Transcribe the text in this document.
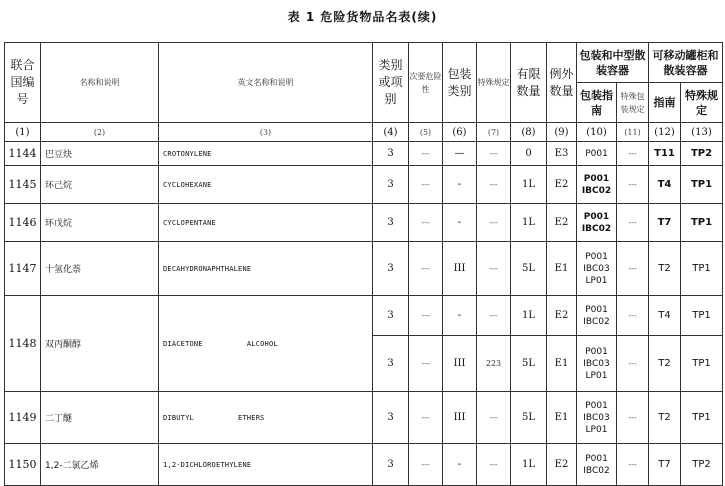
表 1 危险货物品名表(续)
联合国编号	名称和说明	英文名称和说明	类别或项别	次要危险性	包装类别	特殊规定	有限数量	例外数量	包装和中型散装容器		可移动罐柜和散装容器	
									包装指南	特殊包装规定	指南	特殊规定
(1)	(2)	(3)	(4)	(5)	(6)	(7)	(8)	(9)	(10)	(11)	(12)	(13)
1144	巴豆炔	CROTONYLENE	3	---	—	---	0	E3	P001	---	T11	TP2
1145	环己烷	CYCLOHEXANE	3	---	-	---	1L	E2	P001
IBC02	---	T4	TP1
1146	环戊烷	CYCLOPENTANE	3	---	-	---	1L	E2	P001
IBC02	---	T7	TP1
1147	十氢化萘	DECAHYDRONAPHTHALENE	3	---	III	---	5L	E1	P001
IBC03
LP01	---	T2	TP1
1148	双丙酮醇	DIACETONE          ALCOHOL	3	---	-	---	1L	E2	P001
IBC02	---	T4	TP1
			3	---	III	223	5L	E1	P001
IBC03
LP01	---	T2	TP1
1149	二丁醚	DIBUTYL          ETHERS	3	---	III	---	5L	E1	P001
IBC03
LP01	---	T2	TP1
1150	1,2-二氯乙烯	1,2-DICHLOROETHYLENE	3	---	-	---	1L	E2	P001
IBC02	---	T7	TP2
